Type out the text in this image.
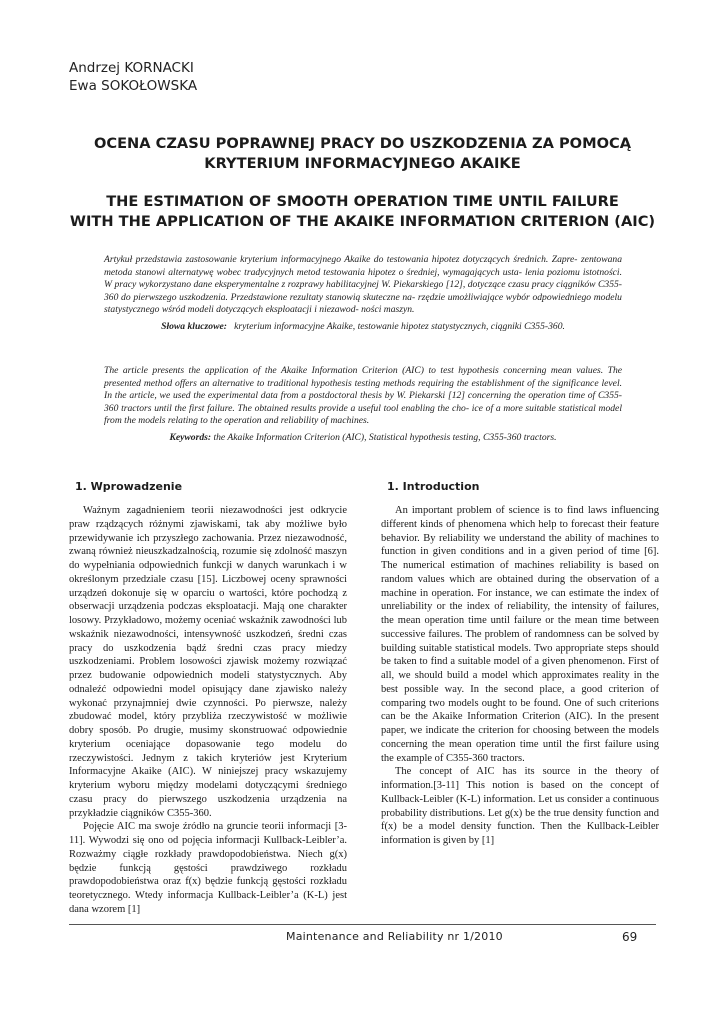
Andrzej KORNACKI
Ewa SOKOŁOWSKA
OCENA CZASU POPRAWNEJ PRACY DO USZKODZENIA ZA POMOCĄ
KRYTERIUM INFORMACYJNEGO AKAIKE
THE ESTIMATION OF SMOOTH OPERATION TIME UNTIL FAILURE
WITH THE APPLICATION OF THE AKAIKE INFORMATION CRITERION (AIC)
Artykuł przedstawia zastosowanie kryterium informacyjnego Akaike do testowania hipotez dotyczących średnich. Zapre- zentowana metoda stanowi alternatywę wobec tradycyjnych metod testowania hipotez o średniej, wymagających usta- lenia poziomu istotności. W pracy wykorzystano dane eksperymentalne z rozprawy habilitacyjnej W. Piekarskiego [12], dotyczące czasu pracy ciągników C355-360 do pierwszego uszkodzenia. Przedstawione rezultaty stanowią skuteczne na- rzędzie umożliwiające wybór odpowiedniego modelu statystycznego wśród modeli dotyczących eksploatacji i niezawod- ności maszyn.
Słowa kluczowe: kryterium informacyjne Akaike, testowanie hipotez statystycznych, ciągniki C355-360.
The article presents the application of the Akaike Information Criterion (AIC) to test hypothesis concerning mean values. The presented method offers an alternative to traditional hypothesis testing methods requiring the establishment of the significance level. In the article, we used the experimental data from a postdoctoral thesis by W. Piekarski [12] concerning the operation time of C355-360 tractors until the first failure. The obtained results provide a useful tool enabling the cho- ice of a more suitable statistical model from the models relating to the operation and reliability of machines.
Keywords: the Akaike Information Criterion (AIC), Statistical hypothesis testing, C355-360 tractors.
1. Wprowadzenie

Ważnym zagadnieniem teorii niezawodności jest odkrycie praw rządzących różnymi zjawiskami, tak aby możliwe było przewidywanie ich przyszłego zachowania. Przez niezawodność, zwaną również nieuszkadzalnością, rozumie się zdolność maszyn do wypełniania odpowiednich funkcji w danych warunkach i w określonym przedziale czasu [15]. Liczbowej oceny sprawności urządzeń dokonuje się w oparciu o wartości, które pochodzą z obserwacji urządzenia podczas eksploatacji. Mają one charakter losowy. Przykładowo, możemy oceniać wskaźnik zawodności lub wskaźnik niezawodności, intensywność uszkodzeń, średni czas pracy do uszkodzenia bądź średni czas pracy miedzy uszkodzeniami. Problem losowości zjawisk możemy rozwiązać przez budowanie odpowiednich modeli statystycznych. Aby odnaleźć odpowiedni model opisujący dane zjawisko należy wykonać przynajmniej dwie czynności. Po pierwsze, należy zbudować model, który przybliża rzeczywistość w możliwie dobry sposób. Po drugie, musimy skonstruować odpowiednie kryterium oceniające dopasowanie tego modelu do rzeczywistości. Jednym z takich kryteriów jest Kryterium Informacyjne Akaike (AIC). W niniejszej pracy wskazujemy kryterium wyboru między modelami dotyczącymi średniego czasu pracy do pierwszego uszkodzenia urządzenia na przykładzie ciągników C355-360.

Pojęcie AIC ma swoje źródło na gruncie teorii informacji [3-11]. Wywodzi się ono od pojęcia informacji Kullback-Leibler’a. Rozważmy ciągłe rozkłady prawdopodobieństwa. Niech g(x) będzie funkcją gęstości prawdziwego rozkładu prawdopodobieństwa oraz f(x) będzie funkcją gęstości rozkładu teoretycznego. Wtedy informacja Kullback-Leibler’a (K-L) jest dana wzorem [1]

1. Introduction

An important problem of science is to find laws influencing different kinds of phenomena which help to forecast their feature behavior. By reliability we understand the ability of machines to function in given conditions and in a given period of time [6]. The numerical estimation of machines reliability is based on random values which are obtained during the observation of a machine in operation. For instance, we can estimate the index of unreliability or the index of reliability, the intensity of failures, the mean operation time until failure or the mean time between successive failures. The problem of randomness can be solved by building suitable statistical models. Two appropriate steps should be taken to find a suitable model of a given phenomenon. First of all, we should build a model which approximates reality in the best possible way. In the second place, a good criterion of comparing two models ought to be found. One of such criterions can be the Akaike Information Criterion (AIC). In the present paper, we indicate the criterion for choosing between the models concerning the mean operation time until the first failure using the example of C355-360 tractors.

The concept of AIC has its source in the theory of information.[3-11] This notion is based on the concept of Kullback-Leibler (K-L) information. Let us consider a continuous probability distributions. Let g(x) be the true density function and f(x) be a model density function. Then the Kullback-Leibler information is given by [1]

Maintenance and Reliability nr 1/2010	69
